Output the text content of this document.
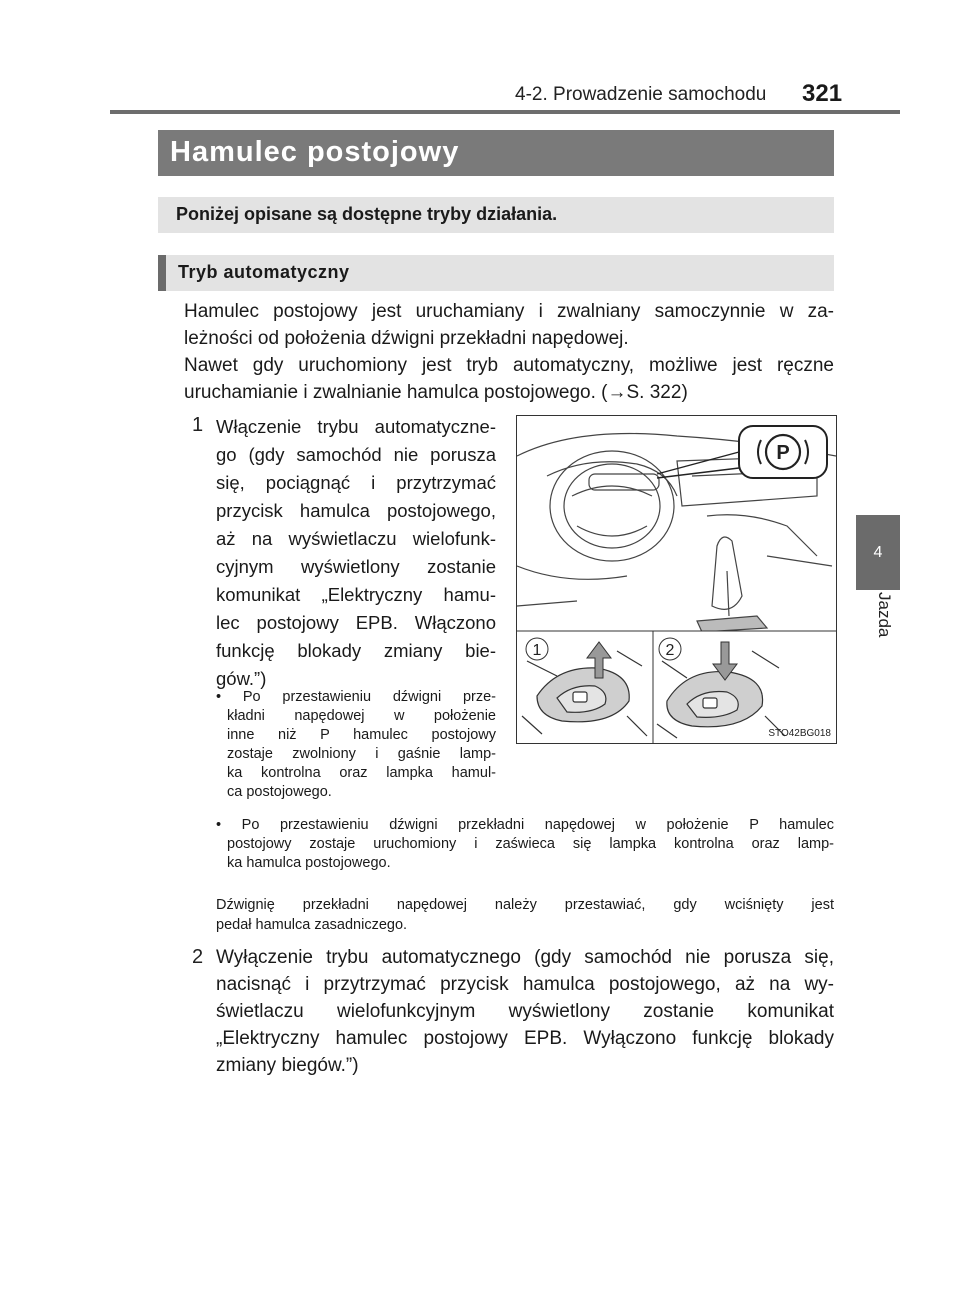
4-2. Prowadzenie samochodu 321
4
Jazda
Hamulec postojowy
Poniżej opisane są dostępne tryby działania.
Tryb automatyczny
Hamulec postojowy jest uruchamiany i zwalniany samoczynnie w za-
leżności od położenia dźwigni przekładni napędowej.
Nawet gdy uruchomiony jest tryb automatyczny, możliwe jest ręczne
uruchamianie i zwalnianie hamulca postojowego. (→S. 322)
1 Włączenie trybu automatyczne-
go (gdy samochód nie porusza
się, pociągnąć i przytrzymać
przycisk hamulca postojowego,
aż na wyświetlaczu wielofunk-
cyjnym wyświetlony zostanie
komunikat „Elektryczny hamu-
lec postojowy EPB. Włączono
funkcję blokady zmiany bie-
gów.”)
• Po przestawieniu dźwigni prze-
kładni napędowej w położenie
inne niż P hamulec postojowy
zostaje zwolniony i gaśnie lamp-
ka kontrolna oraz lampka hamul-
ca postojowego.
• Po przestawieniu dźwigni przekładni napędowej w położenie P hamulec
postojowy zostaje uruchomiony i zaświeca się lampka kontrolna oraz lamp-
ka hamulca postojowego.
Dźwignię przekładni napędowej należy przestawiać, gdy wciśnięty jest
pedał hamulca zasadniczego.
2 Wyłączenie trybu automatycznego (gdy samochód nie porusza się,
nacisnąć i przytrzymać przycisk hamulca postojowego, aż na wy-
świetlaczu wielofunkcyjnym wyświetlony zostanie komunikat
„Elektryczny hamulec postojowy EPB. Wyłączono funkcję blokady
zmiany biegów.”)
P
1	2
STO42BG018
